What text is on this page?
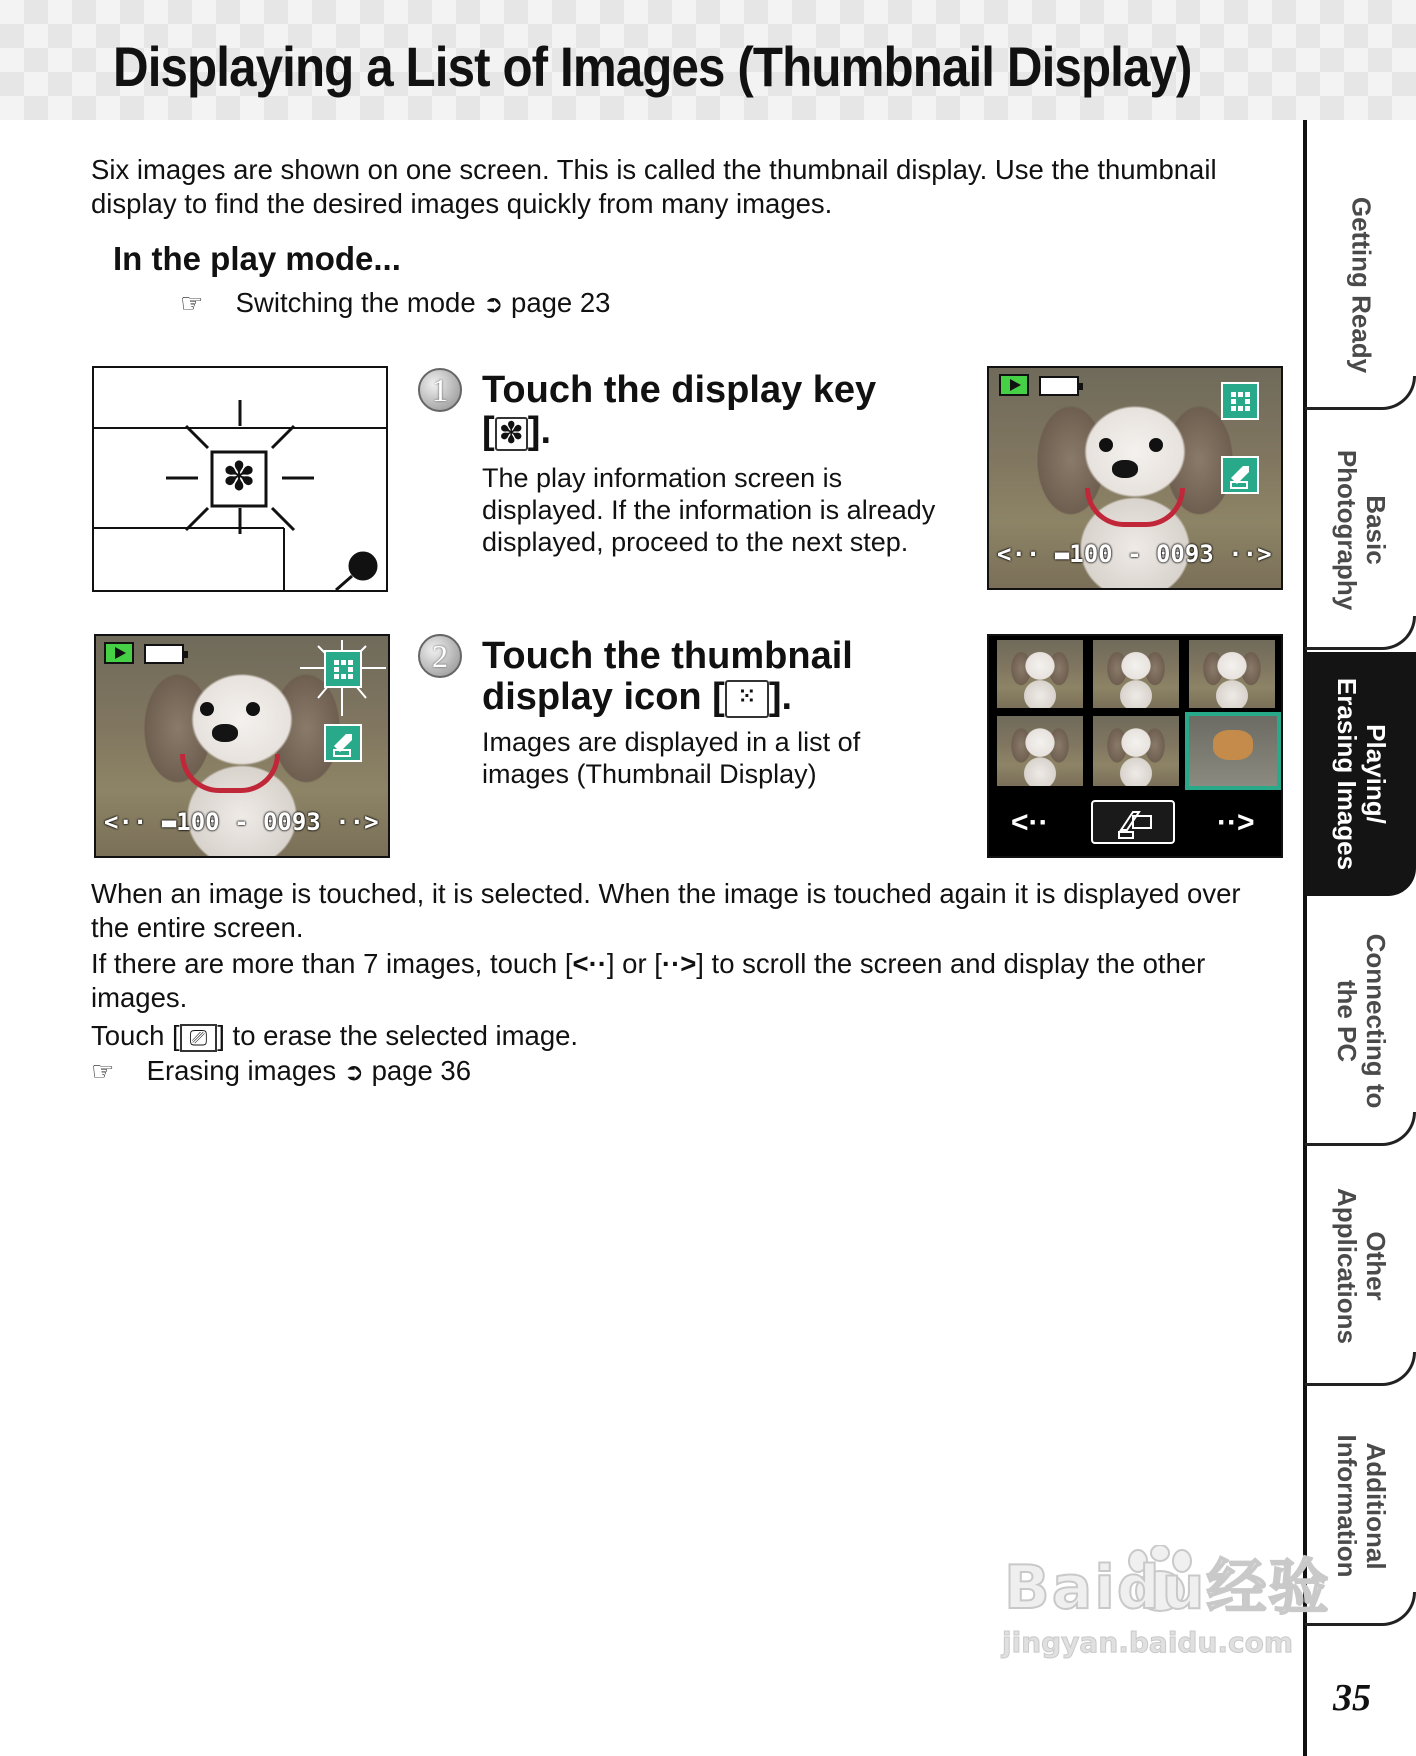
Displaying a List of Images (Thumbnail Display)

Six images are shown on one screen. This is called the thumbnail display. Use the thumbnail display to find the desired images quickly from many images.

In the play mode...
☞ Switching the mode ➲ page 23
✽
1 Touch the display key
[ ✽ ].

The play information screen is displayed. If the information is already displayed, proceed to the next step.	<·· ▬100 - 0093 ··>
<·· ▬100 - 0093 ··>
2 Touch the thumbnail
display icon [ ⁙ ].

Images are displayed in a list of images (Thumbnail Display)

<··	··>

When an image is touched, it is selected. When the image is touched again it is displayed over the entire screen.

If there are more than 7 images, touch [<··] or [··>] to scroll the screen and display the other images.

Touch [ ⎚ ] to erase the selected image.

☞ Erasing images ➲ page 36
Getting Ready
Basic
Photography
Playing/
Erasing Images
Connecting to
the PC
Other
Applications
Additional
Information
35
Baidu经验
jingyan.baidu.com
